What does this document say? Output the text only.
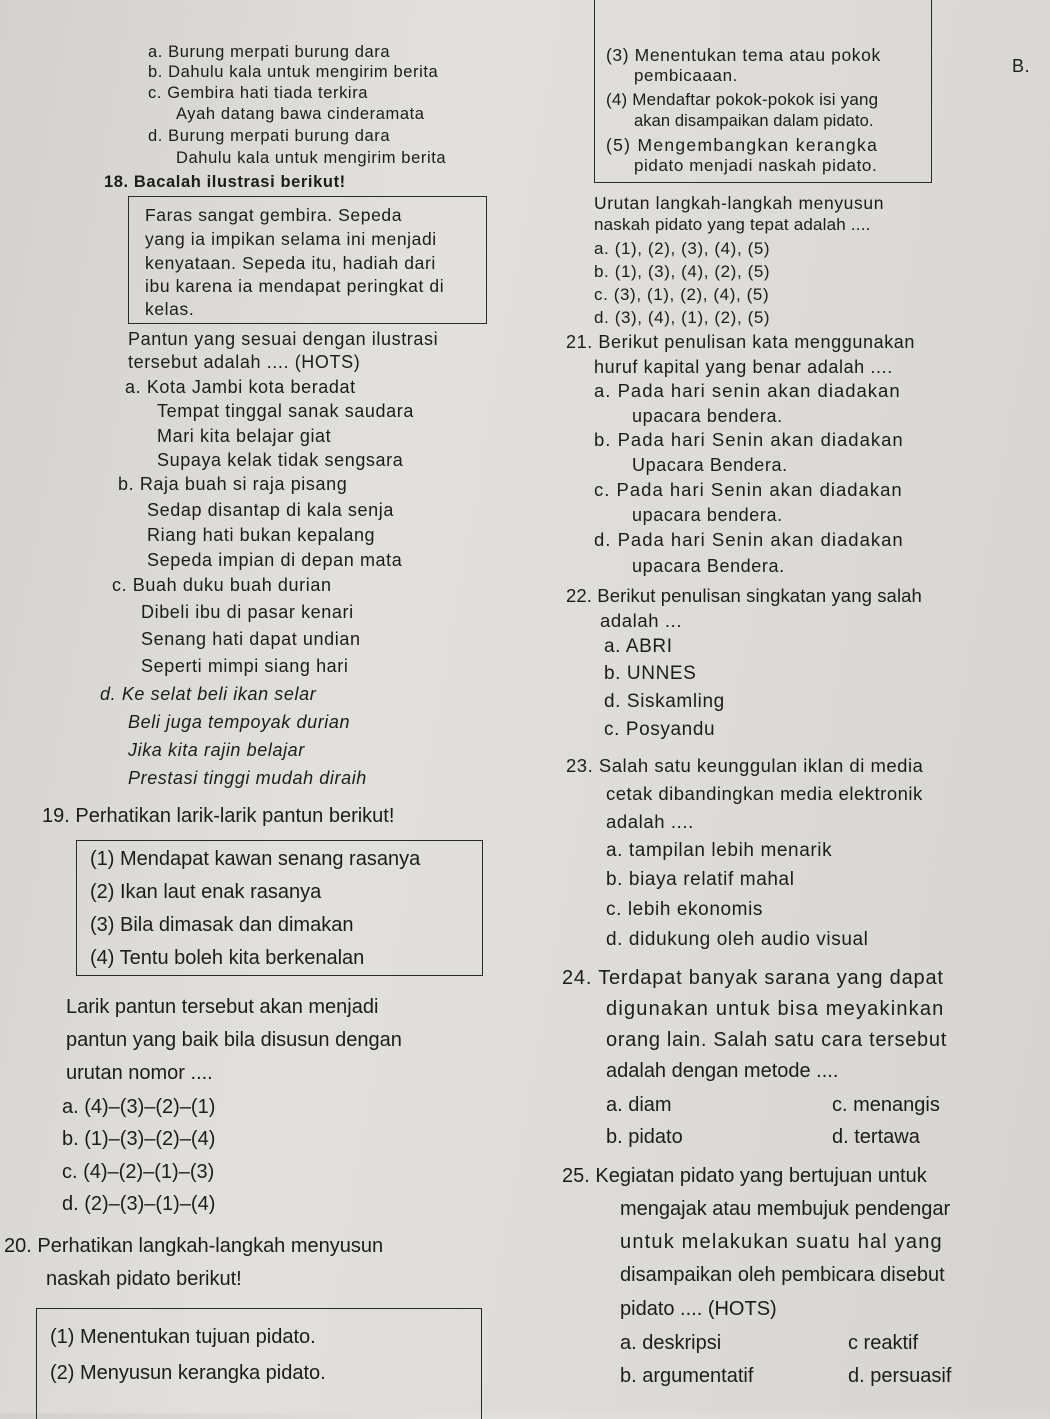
a. Burung merpati burung dara
b. Dahulu kala untuk mengirim berita
c. Gembira hati tiada terkira
Ayah datang bawa cinderamata
d. Burung merpati burung dara
Dahulu kala untuk mengirim berita
18. Bacalah ilustrasi berikut!
Faras sangat gembira. Sepeda
yang ia impikan selama ini menjadi
kenyataan. Sepeda itu, hadiah dari
ibu karena ia mendapat peringkat di
kelas.
Pantun yang sesuai dengan ilustrasi
tersebut adalah .... (HOTS)
a. Kota Jambi kota beradat
Tempat tinggal sanak saudara
Mari kita belajar giat
Supaya kelak tidak sengsara
b. Raja buah si raja pisang
Sedap disantap di kala senja
Riang hati bukan kepalang
Sepeda impian di depan mata
c. Buah duku buah durian
Dibeli ibu di pasar kenari
Senang hati dapat undian
Seperti mimpi siang hari
d. Ke selat beli ikan selar
Beli juga tempoyak durian
Jika kita rajin belajar
Prestasi tinggi mudah diraih
19. Perhatikan larik-larik pantun berikut!
(1) Mendapat kawan senang rasanya
(2) Ikan laut enak rasanya
(3) Bila dimasak dan dimakan
(4) Tentu boleh kita berkenalan
Larik pantun tersebut akan menjadi
pantun yang baik bila disusun dengan
urutan nomor ....
a. (4)–(3)–(2)–(1)
b. (1)–(3)–(2)–(4)
c. (4)–(2)–(1)–(3)
d. (2)–(3)–(1)–(4)
20. Perhatikan langkah-langkah menyusun
naskah pidato berikut!
(1) Menentukan tujuan pidato.
(2) Menyusun kerangka pidato.
(3) Menentukan tema atau pokok
pembicaaan.
(4) Mendaftar pokok-pokok isi yang
akan disampaikan dalam pidato.
(5) Mengembangkan kerangka
pidato menjadi naskah pidato.
B.
Urutan langkah-langkah menyusun
naskah pidato yang tepat adalah ....
a. (1), (2), (3), (4), (5)
b. (1), (3), (4), (2), (5)
c. (3), (1), (2), (4), (5)
d. (3), (4), (1), (2), (5)
21. Berikut penulisan kata menggunakan
huruf kapital yang benar adalah ....
a. Pada hari senin akan diadakan
upacara bendera.
b. Pada hari Senin akan diadakan
Upacara Bendera.
c. Pada hari Senin akan diadakan
upacara bendera.
d. Pada hari Senin akan diadakan
upacara Bendera.
22. Berikut penulisan singkatan yang salah
adalah ...
a. ABRI
b. UNNES
d. Siskamling
c. Posyandu
23. Salah satu keunggulan iklan di media
cetak dibandingkan media elektronik
adalah ....
a. tampilan lebih menarik
b. biaya relatif mahal
c. lebih ekonomis
d. didukung oleh audio visual
24. Terdapat banyak sarana yang dapat
digunakan untuk bisa meyakinkan
orang lain. Salah satu cara tersebut
adalah dengan metode ....
a. diam	c. menangis
b. pidato	d. tertawa
25. Kegiatan pidato yang bertujuan untuk
mengajak atau membujuk pendengar
untuk melakukan suatu hal yang
disampaikan oleh pembicara disebut
pidato .... (HOTS)
a. deskripsi	c reaktif
b. argumentatif	d. persuasif
